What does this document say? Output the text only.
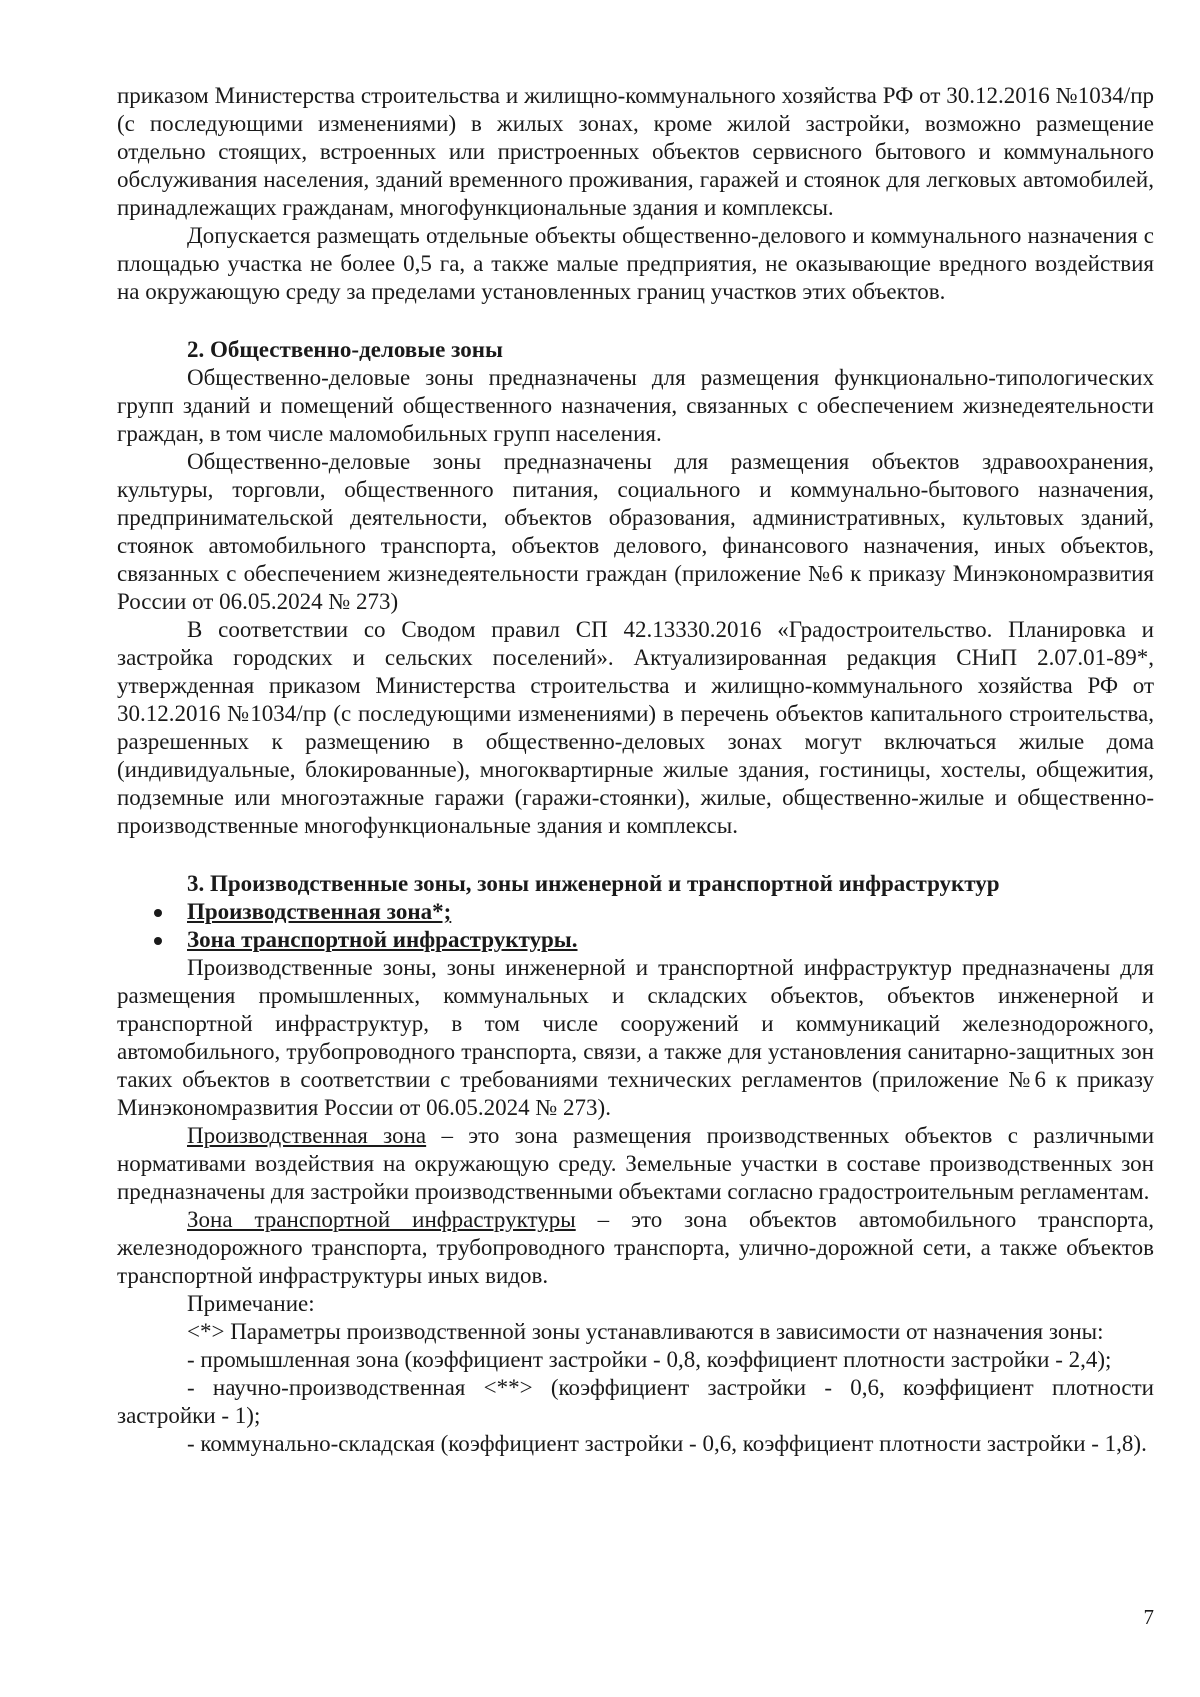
приказом Министерства строительства и жилищно-коммунального хозяйства РФ от 30.12.2016 №1034/пр (с последующими изменениями) в жилых зонах, кроме жилой застройки, возможно размещение отдельно стоящих, встроенных или пристроенных объектов сервисного бытового и коммунального обслуживания населения, зданий временного проживания, гаражей и стоянок для легковых автомобилей, принадлежащих гражданам, многофункциональные здания и комплексы.

Допускается размещать отдельные объекты общественно-делового и коммунального назначения с площадью участка не более 0,5 га, а также малые предприятия, не оказывающие вредного воздействия на окружающую среду за пределами установленных границ участков этих объектов.

2. Общественно-деловые зоны

Общественно-деловые зоны предназначены для размещения функционально-типологических групп зданий и помещений общественного назначения, связанных с обеспечением жизнедеятельности граждан, в том числе маломобильных групп населения.

Общественно-деловые зоны предназначены для размещения объектов здравоохранения, культуры, торговли, общественного питания, социального и коммунально-бытового назначения, предпринимательской деятельности, объектов образования, административных, культовых зданий, стоянок автомобильного транспорта, объектов делового, финансового назначения, иных объектов, связанных с обеспечением жизнедеятельности граждан (приложение №6 к приказу Минэкономразвития России от 06.05.2024 № 273)

В соответствии со Сводом правил СП 42.13330.2016 «Градостроительство. Планировка и застройка городских и сельских поселений». Актуализированная редакция СНиП 2.07.01-89*, утвержденная приказом Министерства строительства и жилищно-коммунального хозяйства РФ от 30.12.2016 №1034/пр (с последующими изменениями) в перечень объектов капитального строительства, разрешенных к размещению в общественно-деловых зонах могут включаться жилые дома (индивидуальные, блокированные), многоквартирные жилые здания, гостиницы, хостелы, общежития, подземные или многоэтажные гаражи (гаражи-стоянки), жилые, общественно-жилые и общественно-производственные многофункциональные здания и комплексы.

3. Производственные зоны, зоны инженерной и транспортной инфраструктур

Производственная зона*;
Зона транспортной инфраструктуры.

Производственные зоны, зоны инженерной и транспортной инфраструктур предназначены для размещения промышленных, коммунальных и складских объектов, объектов инженерной и транспортной инфраструктур, в том числе сооружений и коммуникаций железнодорожного, автомобильного, трубопроводного транспорта, связи, а также для установления санитарно-защитных зон таких объектов в соответствии с требованиями технических регламентов (приложение №6 к приказу Минэкономразвития России от 06.05.2024 № 273).

Производственная зона – это зона размещения производственных объектов с различными нормативами воздействия на окружающую среду. Земельные участки в составе производственных зон предназначены для застройки производственными объектами согласно градостроительным регламентам.

Зона транспортной инфраструктуры – это зона объектов автомобильного транспорта, железнодорожного транспорта, трубопроводного транспорта, улично-дорожной сети, а также объектов транспортной инфраструктуры иных видов.

Примечание:

<*> Параметры производственной зоны устанавливаются в зависимости от назначения зоны:

- промышленная зона (коэффициент застройки - 0,8, коэффициент плотности застройки - 2,4);

- научно-производственная <**> (коэффициент застройки - 0,6, коэффициент плотности застройки - 1);

- коммунально-складская (коэффициент застройки - 0,6, коэффициент плотности застройки - 1,8).

7
